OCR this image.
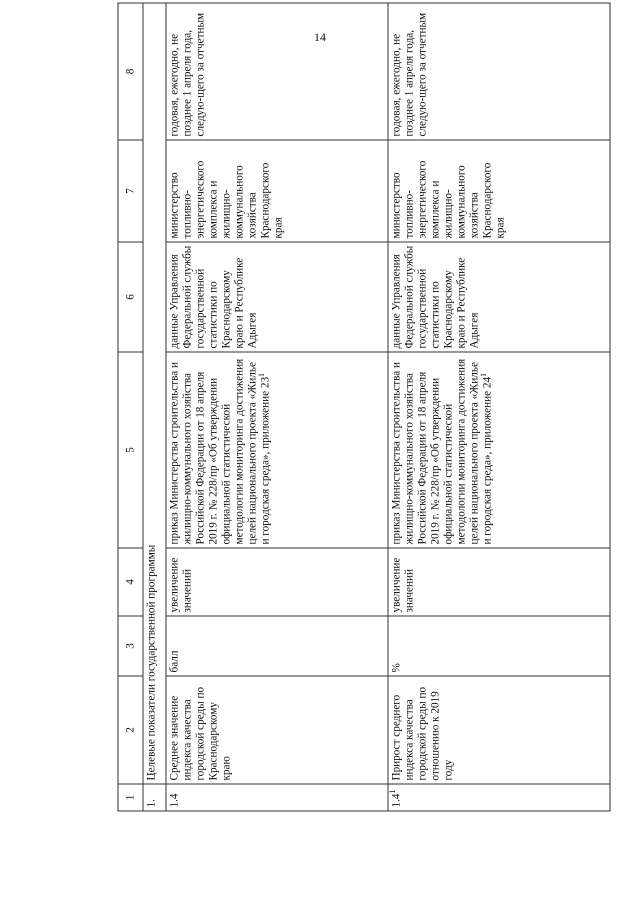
14
1	2	3	4	5	6	7	8
1.	Целевые показатели государственной программы						
1.4	Среднее значение индекса качества городской среды по Краснодарскому краю	балл	увеличение значений	приказ Министерства строительства и жилищно-коммунального хозяйства Российской Федерации от 18 апреля 2019 г. № 228/пр «Об утверждении официальной статистической методологии мониторинга достижения целей национального проекта «Жилье и городская среда», приложение $23^1$	данные Управления Федеральной службы государственной статистики по Краснодарскому краю и Республике Адыгея	министерство топливно-энергетического комплекса и жилищно-коммунального хозяйства Краснодарского края	годовая, ежегодно, не позднее 1 апреля года, следую-щего за отчетным
$1.4^1$	Прирост среднего индекса качества городской среды по отношению к 2019 году	%	увеличение значений	приказ Министерства строительства и жилищно-коммунального хозяйства Российской Федерации от 18 апреля 2019 г. № 228/пр «Об утверждении официальной статистической методологии мониторинга достижения целей национального проекта «Жилье и городская среда», приложение $24^1$	данные Управления Федеральной службы государственной статистики по Краснодарскому краю и Республике Адыгея	министерство топливно-энергетического комплекса и жилищно-коммунального хозяйства Краснодарского края	годовая, ежегодно, не позднее 1 апреля года, следую-щего за отчетным
